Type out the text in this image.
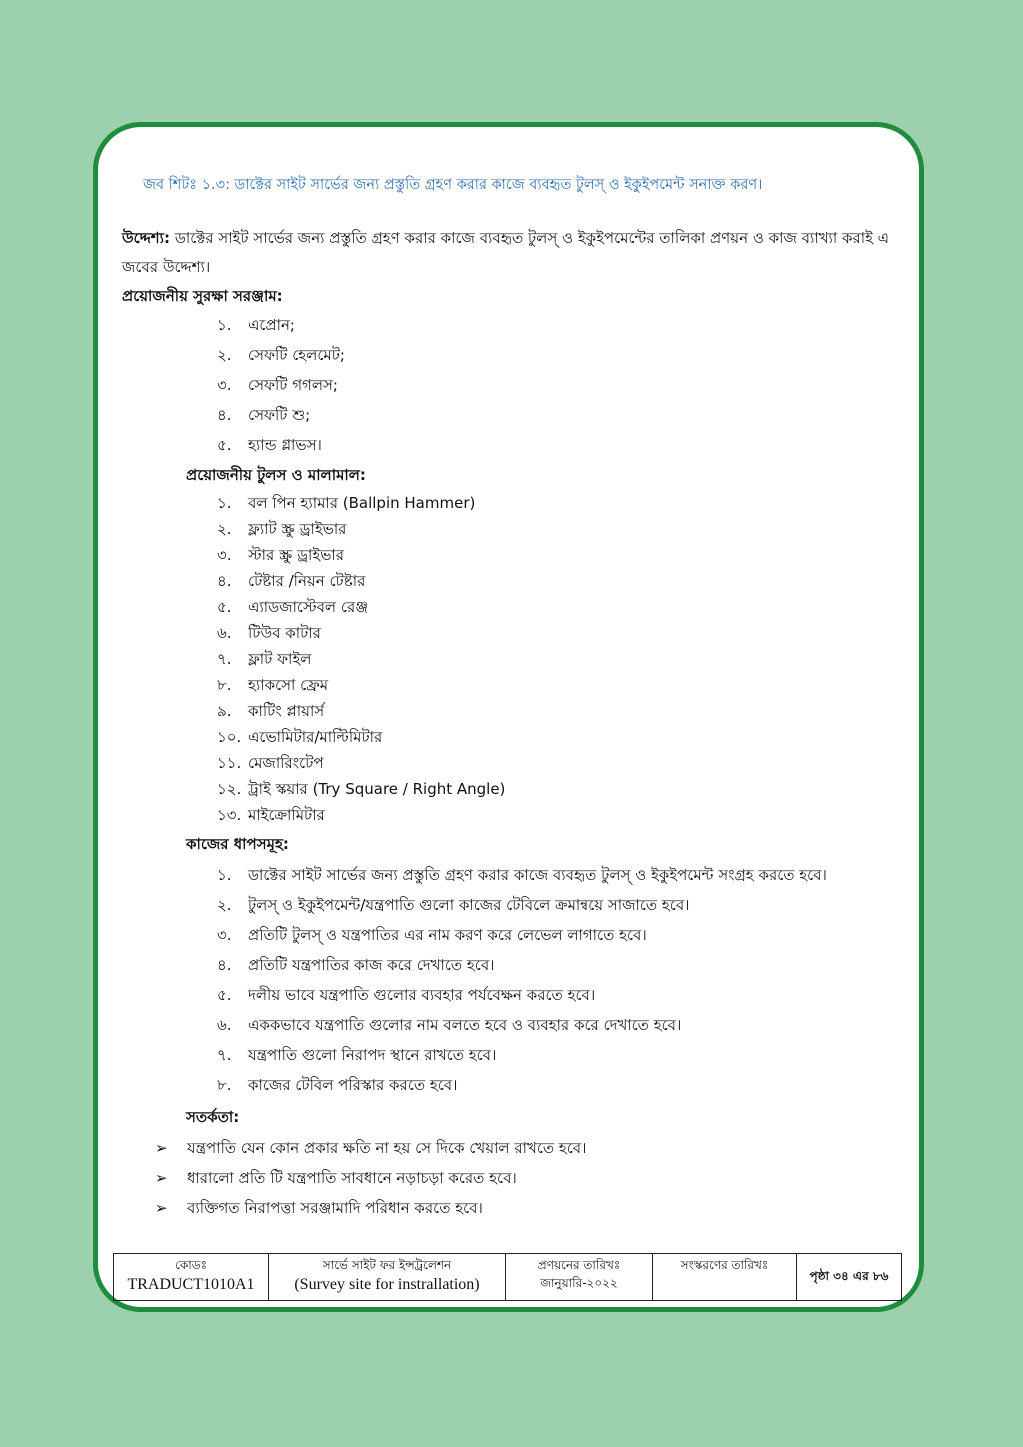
জব শিটঃ ১.৩: ডাক্টের সাইট সার্ভের জন্য প্রস্তুতি গ্রহণ করার কাজে ব্যবহৃত টুলস্ ও ইকুইপমেন্ট সনাক্ত করণ।
উদ্দেশ্য: ডাক্টের সাইট সার্ভের জন্য প্রস্তুতি গ্রহণ করার কাজে ব্যবহৃত টুলস্ ও ইকুইপমেন্টের তালিকা প্রণয়ন ও কাজ ব্যাখ্যা করাই এ জবের উদ্দেশ্য।
প্রয়োজনীয় সুরক্ষা সরঞ্জাম:
১.	এপ্রোন;
২.	সেফটি হেলমেট;
৩.	সেফটি গগলস;
৪.	সেফটি শু;
৫.	হ্যান্ড গ্লাভস।
প্রয়োজনীয় টুলস ও মালামাল:
১.	বল পিন হ্যামার (Ballpin Hammer)
২.	ফ্ল্যাট স্ক্রু ড্রাইভার
৩.	স্টার স্ক্রু ড্রাইভার
৪.	টেষ্টার /নিয়ন টেষ্টার
৫.	এ্যাডজাস্টেবল রেঞ্জ
৬.	টিউব কাটার
৭.	ফ্লাট ফাইল
৮.	হ্যাকসো ফ্রেম
৯.	কাটিং প্লায়ার্স
১০. এভোমিটার/মাল্টিমিটার
১১. মেজারিংটেপ
১২. ট্রাই স্কয়ার (Try Square / Right Angle)
১৩. মাইক্রোমিটার
কাজের ধাপসমূহ:
১.	ডাক্টের সাইট সার্ভের জন্য প্রস্তুতি গ্রহণ করার কাজে ব্যবহৃত টুলস্ ও ইকুইপমেন্ট সংগ্রহ করতে হবে।
২.	টুলস্ ও ইকুইপমেন্ট/যন্ত্রপাতি গুলো কাজের টেবিলে ক্রমান্বয়ে সাজাতে হবে।
৩.	প্রতিটি টুলস্ ও যন্ত্রপাতির এর নাম করণ করে লেভেল লাগাতে হবে।
৪.	প্রতিটি যন্ত্রপাতির কাজ করে দেখাতে হবে।
৫.	দলীয় ভাবে যন্ত্রপাতি গুলোর ব্যবহার পর্যবেক্ষন করতে হবে।
৬.	এককভাবে যন্ত্রপাতি গুলোর নাম বলতে হবে ও ব্যবহার করে দেখাতে হবে।
৭.	যন্ত্রপাতি গুলো নিরাপদ স্থানে রাখতে হবে।
৮.	কাজের টেবিল পরিস্কার করতে হবে।
সতর্কতা:
➢	যন্ত্রপাতি যেন কোন প্রকার ক্ষতি না হয় সে দিকে খেয়াল রাখতে হবে।
➢	ধারালো প্রতি টি যন্ত্রপাতি সাবধানে নড়াচড়া করেত হবে।
➢	ব্যক্তিগত নিরাপত্তা সরঞ্জামাদি পরিধান করতে হবে।
কোডঃ
TRADUCT1010A1

সার্ভে সাইট ফর ইন্সট্রলেশন
(Survey site for instrallation)

প্রণয়নের তারিখঃ
জানুয়ারি-২০২২

সংস্করণের তারিখঃ
	পৃষ্ঠা ৩৪ এর ৮৬
